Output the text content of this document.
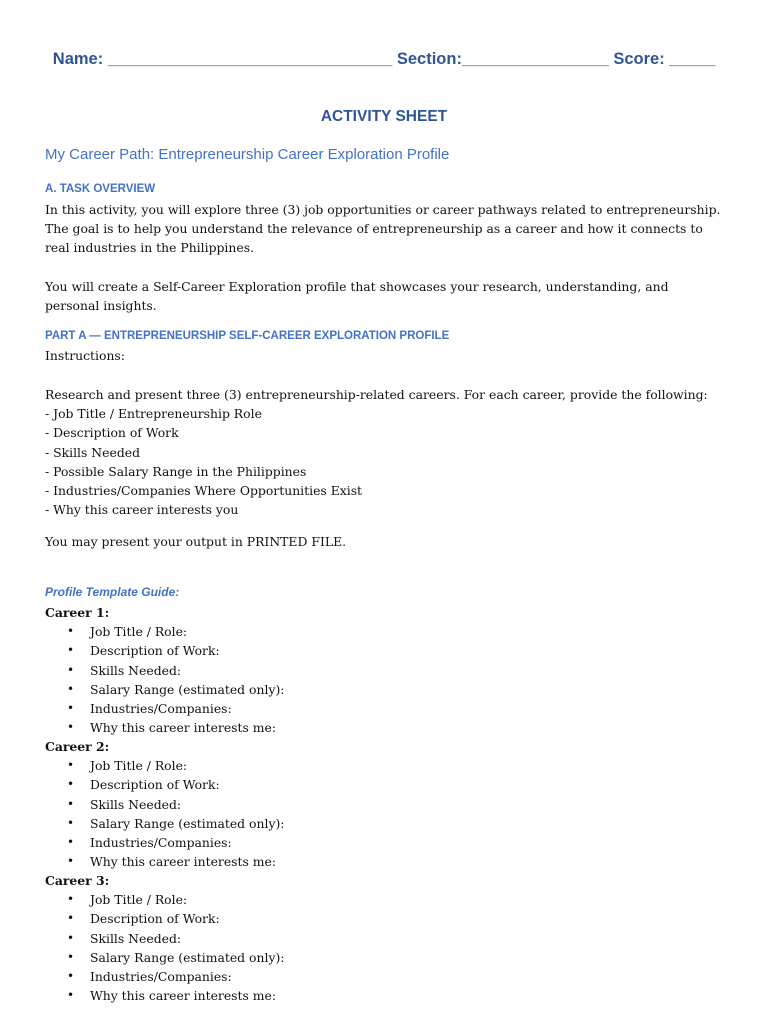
Name: _______________________________ Section:________________ Score: _____
ACTIVITY SHEET
My Career Path: Entrepreneurship Career Exploration Profile
A. TASK OVERVIEW
In this activity, you will explore three (3) job opportunities or career pathways related to entrepreneurship. The goal is to help you understand the relevance of entrepreneurship as a career and how it connects to real industries in the Philippines.
You will create a Self-Career Exploration profile that showcases your research, understanding, and personal insights.
PART A — ENTREPRENEURSHIP SELF-CAREER EXPLORATION PROFILE
Instructions:
Research and present three (3) entrepreneurship-related careers. For each career, provide the following:
- Job Title / Entrepreneurship Role
- Description of Work
- Skills Needed
- Possible Salary Range in the Philippines
- Industries/Companies Where Opportunities Exist
- Why this career interests you
You may present your output in PRINTED FILE.
Profile Template Guide:
Career 1:
• Job Title / Role:
• Description of Work:
• Skills Needed:
• Salary Range (estimated only):
• Industries/Companies:
• Why this career interests me:
Career 2:
• Job Title / Role:
• Description of Work:
• Skills Needed:
• Salary Range (estimated only):
• Industries/Companies:
• Why this career interests me:
Career 3:
• Job Title / Role:
• Description of Work:
• Skills Needed:
• Salary Range (estimated only):
• Industries/Companies:
• Why this career interests me:
